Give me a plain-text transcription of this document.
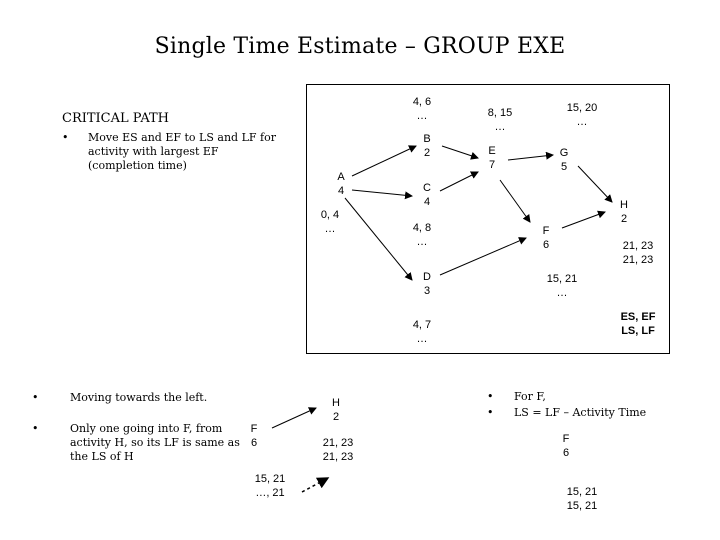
Single Time Estimate – GROUP EXE
CRITICAL PATH
• Move ES and EF to LS and LF for activity with largest EF (completion time)
A
4
B
2
C
4
D
3
E
7
F
6
G
5
H
2
0, 4
…
4, 6
…
4, 8
…
4, 7
…
8, 15
…
15, 20
…
15, 21
…
21, 23
21, 23
ES, EF
LS, LF
•	Moving towards the left.
•	Only one going into F, from activity H, so its LF is same as the LS of H
F
6
H
2
21, 23
21, 23
15, 21
…, 21
•
•
For F,
LS = LF – Activity Time
F
6
15, 21
15, 21
